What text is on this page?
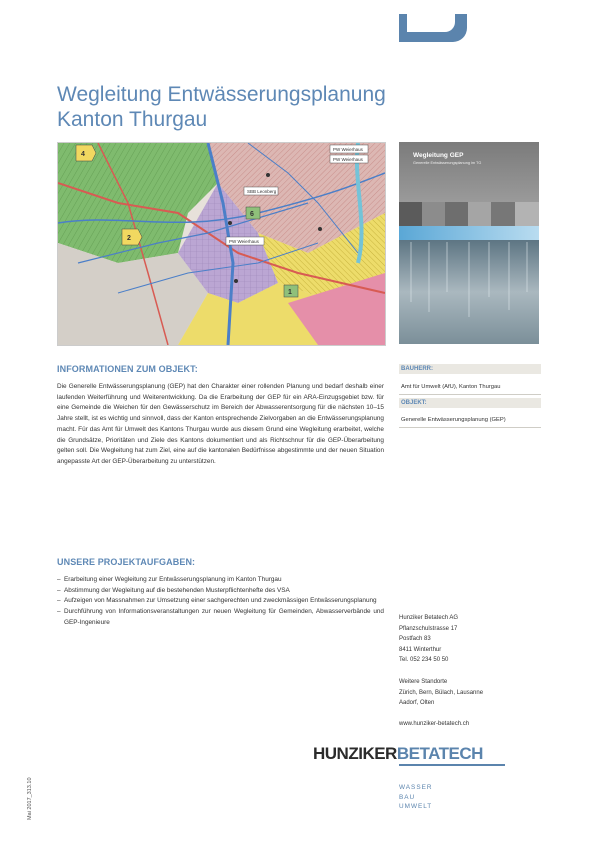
Wegleitung Entwässerungsplanung
Kanton Thurgau
PW Weierhaus
PW Weierhaus
SBB Leonberg
PW Weierhaus
4
2
6
1
Wegleitung GEP
Generelle Entwässerungsplanung im TG
INFORMATIONEN ZUM OBJEKT:
Die Generelle Entwässerungsplanung (GEP) hat den Charakter einer rollenden Planung und bedarf deshalb einer laufenden Weiterführung und Weiterentwicklung. Da die Erarbeitung der GEP für ein ARA-Einzugsgebiet bzw. für eine Gemeinde die Weichen für den Gewässerschutz im Bereich der Abwasserentsorgung für die nächsten 10–15 Jahre stellt, ist es wichtig und sinnvoll, dass der Kanton entsprechende Zielvorgaben an die Entwässerungsplanung macht. Für das Amt für Umwelt des Kantons Thurgau wurde aus diesem Grund eine Wegleitung erarbeitet, welche die Grundsätze, Prioritäten und Ziele des Kantons dokumentiert und als Richtschnur für die GEP-Überarbeitung gelten soll. Die Wegleitung hat zum Ziel, eine auf die kantonalen Bedürfnisse abgestimmte und der neuen Situation angepasste Art der GEP-Überarbeitung zu unterstützen.
UNSERE PROJEKTAUFGABEN:
– Erarbeitung einer Wegleitung zur Entwässerungsplanung im Kanton Thurgau
– Abstimmung der Wegleitung auf die bestehenden Musterpflichtenhefte des VSA
– Aufzeigen von Massnahmen zur Umsetzung einer sachgerechten und zweckmässigen Entwässerungsplanung
– Durchführung von Informationsveranstaltungen zur neuen Wegleitung für Gemeinden, Abwasserverbände und GEP-Ingenieure
BAUHERR:
Amt für Umwelt (AfU), Kanton Thurgau
OBJEKT:
Generelle Entwässerungsplanung (GEP)
Hunziker Betatech AG
Pflanzschulstrasse 17
Postfach 83
8411 Winterthur
Tel. 052 234 50 50
Weitere Standorte
Zürich, Bern, Bülach, Lausanne
Aadorf, Olten
www.hunziker-betatech.ch
HUNZIKERBETATECH
WASSER
BAU
UMWELT
Mai 2017_313.10
